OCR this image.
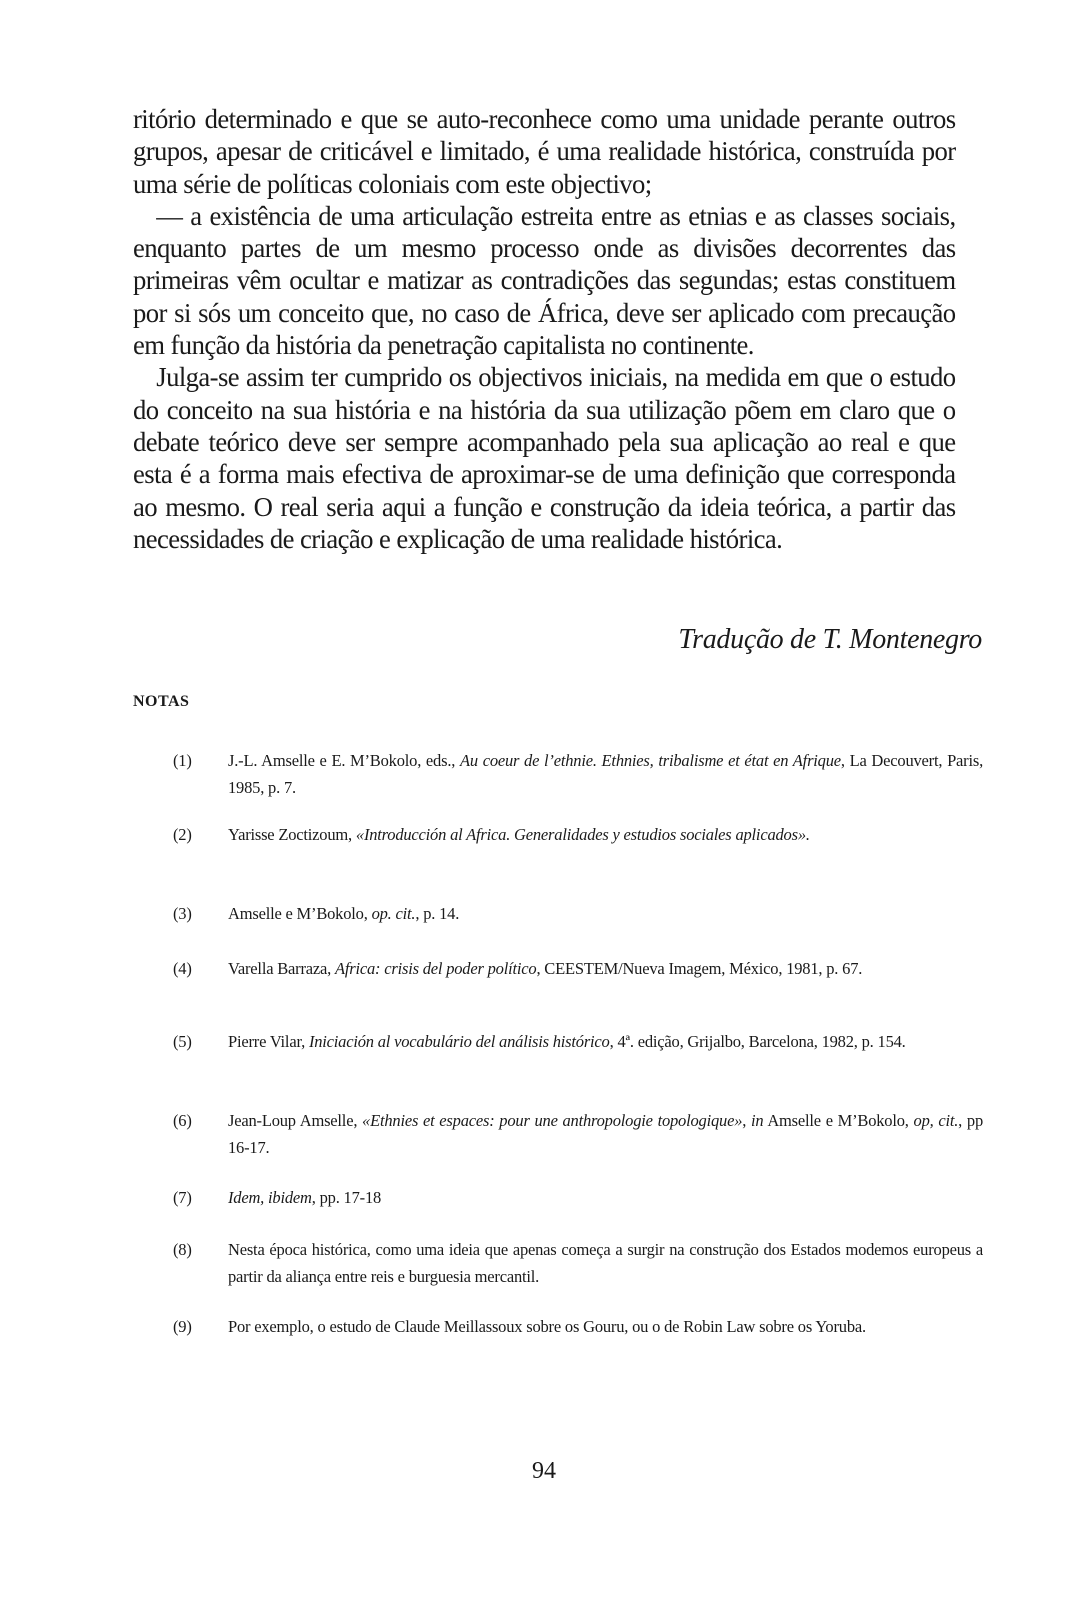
ritório determinado e que se auto-reconhece como uma unidade perante outros grupos, apesar de criticável e limitado, é uma realidade histórica, construída por uma série de políticas coloniais com este objectivo;

— a existência de uma articulação estreita entre as etnias e as classes sociais, enquanto partes de um mesmo processo onde as divisões decorrentes das primeiras vêm ocultar e matizar as contradições das segundas; estas constituem por si sós um conceito que, no caso de África, deve ser aplicado com precaução em função da história da penetração capitalista no continente.

Julga-se assim ter cumprido os objectivos iniciais, na medida em que o estudo do conceito na sua história e na história da sua utilização põem em claro que o debate teórico deve ser sempre acompanhado pela sua aplicação ao real e que esta é a forma mais efectiva de aproximar-se de uma definição que corresponda ao mesmo. O real seria aqui a função e construção da ideia teórica, a partir das necessidades de criação e explicação de uma realidade histórica.

Tradução de T. Montenegro
NOTAS
(1)	J.-L. Amselle e E. M’Bokolo, eds., Au coeur de l’ethnie. Ethnies, tribalisme et état en Afrique, La Decouvert, Paris, 1985, p. 7.
(2)	Yarisse Zoctizoum, «Introducción al Africa. Generalidades y estudios sociales aplicados».
(3)	Amselle e M’Bokolo, op. cit., p. 14.
(4)	Varella Barraza, Africa: crisis del poder político, CEESTEM/Nueva Imagem, México, 1981, p. 67.
(5)	Pierre Vilar, Iniciación al vocabulário del análisis histórico, 4ª. edição, Grijalbo, Barcelona, 1982, p. 154.
(6)	Jean-Loup Amselle, «Ethnies et espaces: pour une anthropologie topologique», in Amselle e M’Bokolo, op, cit., pp 16-17.
(7)	Idem, ibidem, pp. 17-18
(8)	Nesta época histórica, como uma ideia que apenas começa a surgir na construção dos Estados modemos europeus a partir da aliança entre reis e burguesia mercantil.
(9)	Por exemplo, o estudo de Claude Meillassoux sobre os Gouru, ou o de Robin Law sobre os Yoruba.
94
